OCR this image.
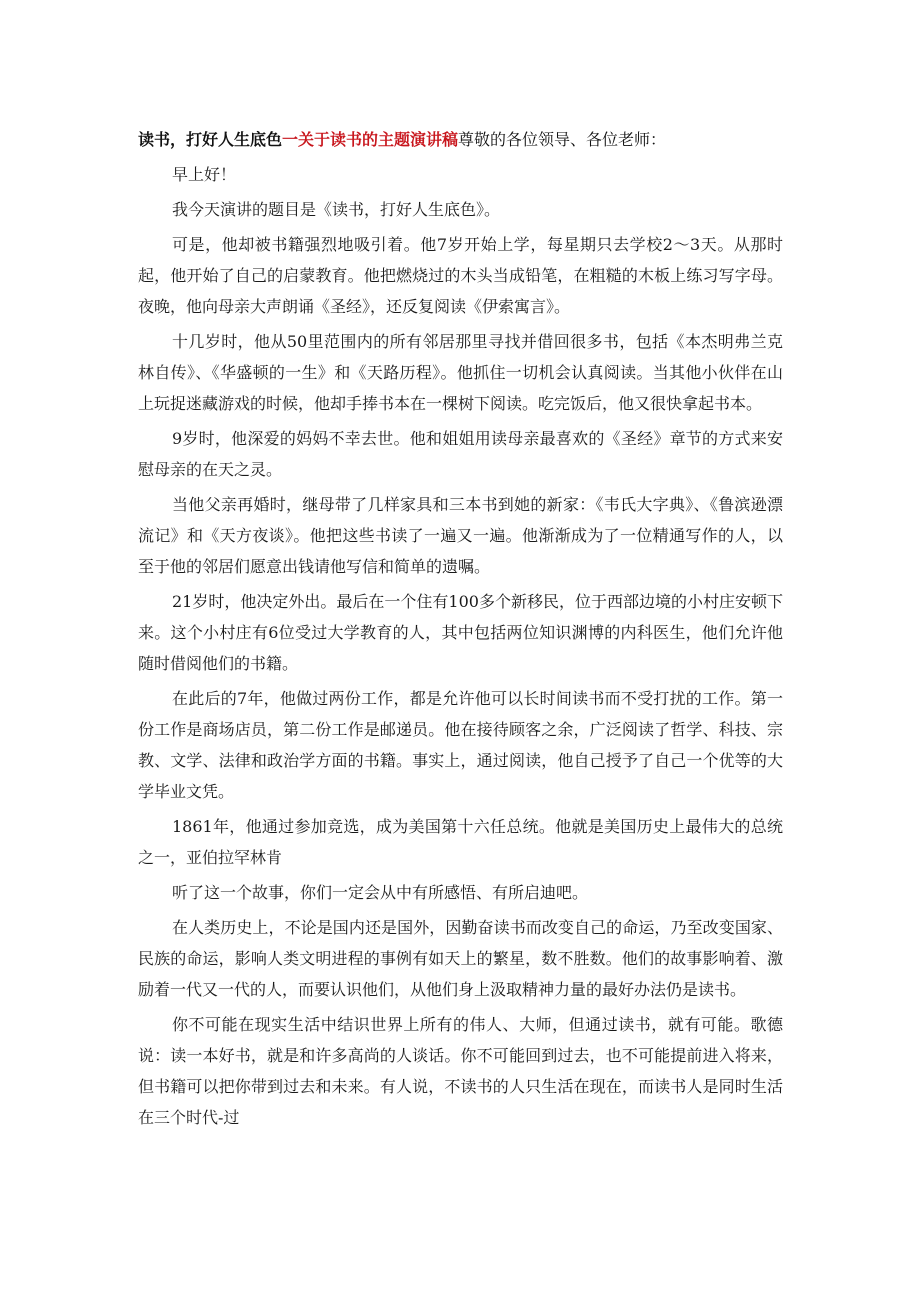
读书，打好人生底色一关于读书的主题演讲稿尊敬的各位领导、各位老师：

早上好！

我今天演讲的题目是《读书，打好人生底色》。

可是，他却被书籍强烈地吸引着。他7岁开始上学，每星期只去学校2～3天。从那时起，他开始了自己的启蒙教育。他把燃烧过的木头当成铅笔，在粗糙的木板上练习写字母。夜晚，他向母亲大声朗诵《圣经》，还反复阅读《伊索寓言》。

十几岁时，他从50里范围内的所有邻居那里寻找并借回很多书，包括《本杰明弗兰克林自传》、《华盛顿的一生》和《天路历程》。他抓住一切机会认真阅读。当其他小伙伴在山上玩捉迷藏游戏的时候，他却手捧书本在一棵树下阅读。吃完饭后，他又很快拿起书本。

9岁时，他深爱的妈妈不幸去世。他和姐姐用读母亲最喜欢的《圣经》章节的方式来安慰母亲的在天之灵。

当他父亲再婚时，继母带了几样家具和三本书到她的新家：《韦氏大字典》、《鲁滨逊漂流记》和《天方夜谈》。他把这些书读了一遍又一遍。他渐渐成为了一位精通写作的人，以至于他的邻居们愿意出钱请他写信和简单的遗嘱。

21岁时，他决定外出。最后在一个住有100多个新移民，位于西部边境的小村庄安顿下来。这个小村庄有6位受过大学教育的人，其中包括两位知识渊博的内科医生，他们允许他随时借阅他们的书籍。

在此后的7年，他做过两份工作，都是允许他可以长时间读书而不受打扰的工作。第一份工作是商场店员，第二份工作是邮递员。他在接待顾客之余，广泛阅读了哲学、科技、宗教、文学、法律和政治学方面的书籍。事实上，通过阅读，他自己授予了自己一个优等的大学毕业文凭。

1861年，他通过参加竞选，成为美国第十六任总统。他就是美国历史上最伟大的总统之一，亚伯拉罕林肯

听了这一个故事，你们一定会从中有所感悟、有所启迪吧。

在人类历史上，不论是国内还是国外，因勤奋读书而改变自己的命运，乃至改变国家、民族的命运，影响人类文明进程的事例有如天上的繁星，数不胜数。他们的故事影响着、激励着一代又一代的人，而要认识他们，从他们身上汲取精神力量的最好办法仍是读书。

你不可能在现实生活中结识世界上所有的伟人、大师，但通过读书，就有可能。歌德说：读一本好书，就是和许多高尚的人谈话。你不可能回到过去，也不可能提前进入将来，但书籍可以把你带到过去和未来。有人说，不读书的人只生活在现在，而读书人是同时生活在三个时代-过
